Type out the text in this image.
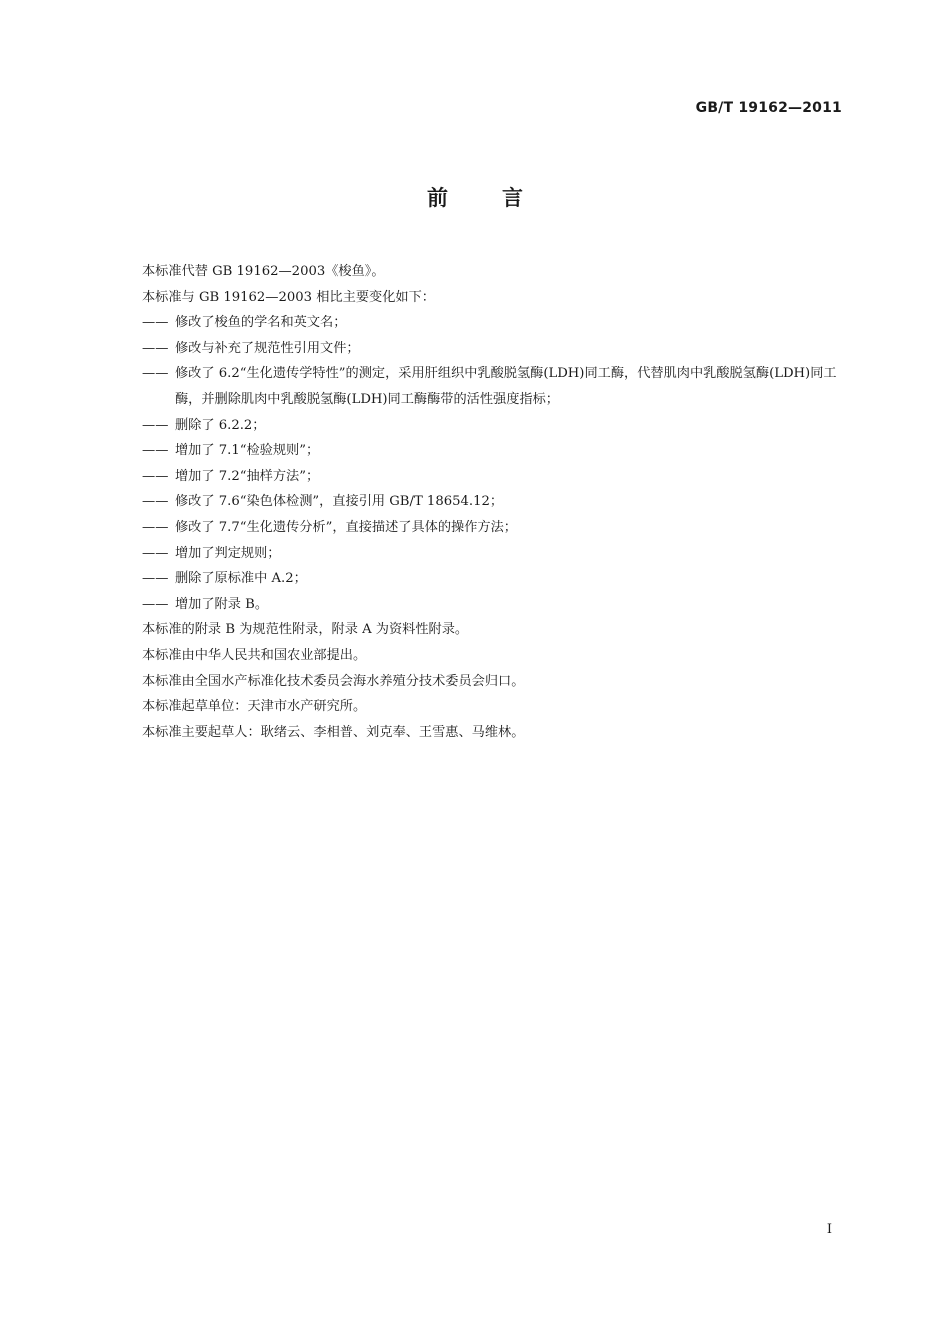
GB/T 19162—2011
前言
本标准代替 GB 19162—2003《梭鱼》。
本标准与 GB 19162—2003 相比主要变化如下：
—— 修改了梭鱼的学名和英文名；
—— 修改与补充了规范性引用文件；
—— 修改了 6.2“生化遗传学特性”的测定，采用肝组织中乳酸脱氢酶(LDH)同工酶，代替肌肉中乳酸脱氢酶(LDH)同工酶，并删除肌肉中乳酸脱氢酶(LDH)同工酶酶带的活性强度指标；
—— 删除了 6.2.2；
—— 增加了 7.1“检验规则”；
—— 增加了 7.2“抽样方法”；
—— 修改了 7.6“染色体检测”，直接引用 GB/T 18654.12；
—— 修改了 7.7“生化遗传分析”，直接描述了具体的操作方法；
—— 增加了判定规则；
—— 删除了原标准中 A.2；
—— 增加了附录 B。
本标准的附录 B 为规范性附录，附录 A 为资料性附录。
本标准由中华人民共和国农业部提出。
本标准由全国水产标准化技术委员会海水养殖分技术委员会归口。
本标准起草单位：天津市水产研究所。
本标准主要起草人：耿绪云、李相普、刘克奉、王雪惠、马维林。
I
